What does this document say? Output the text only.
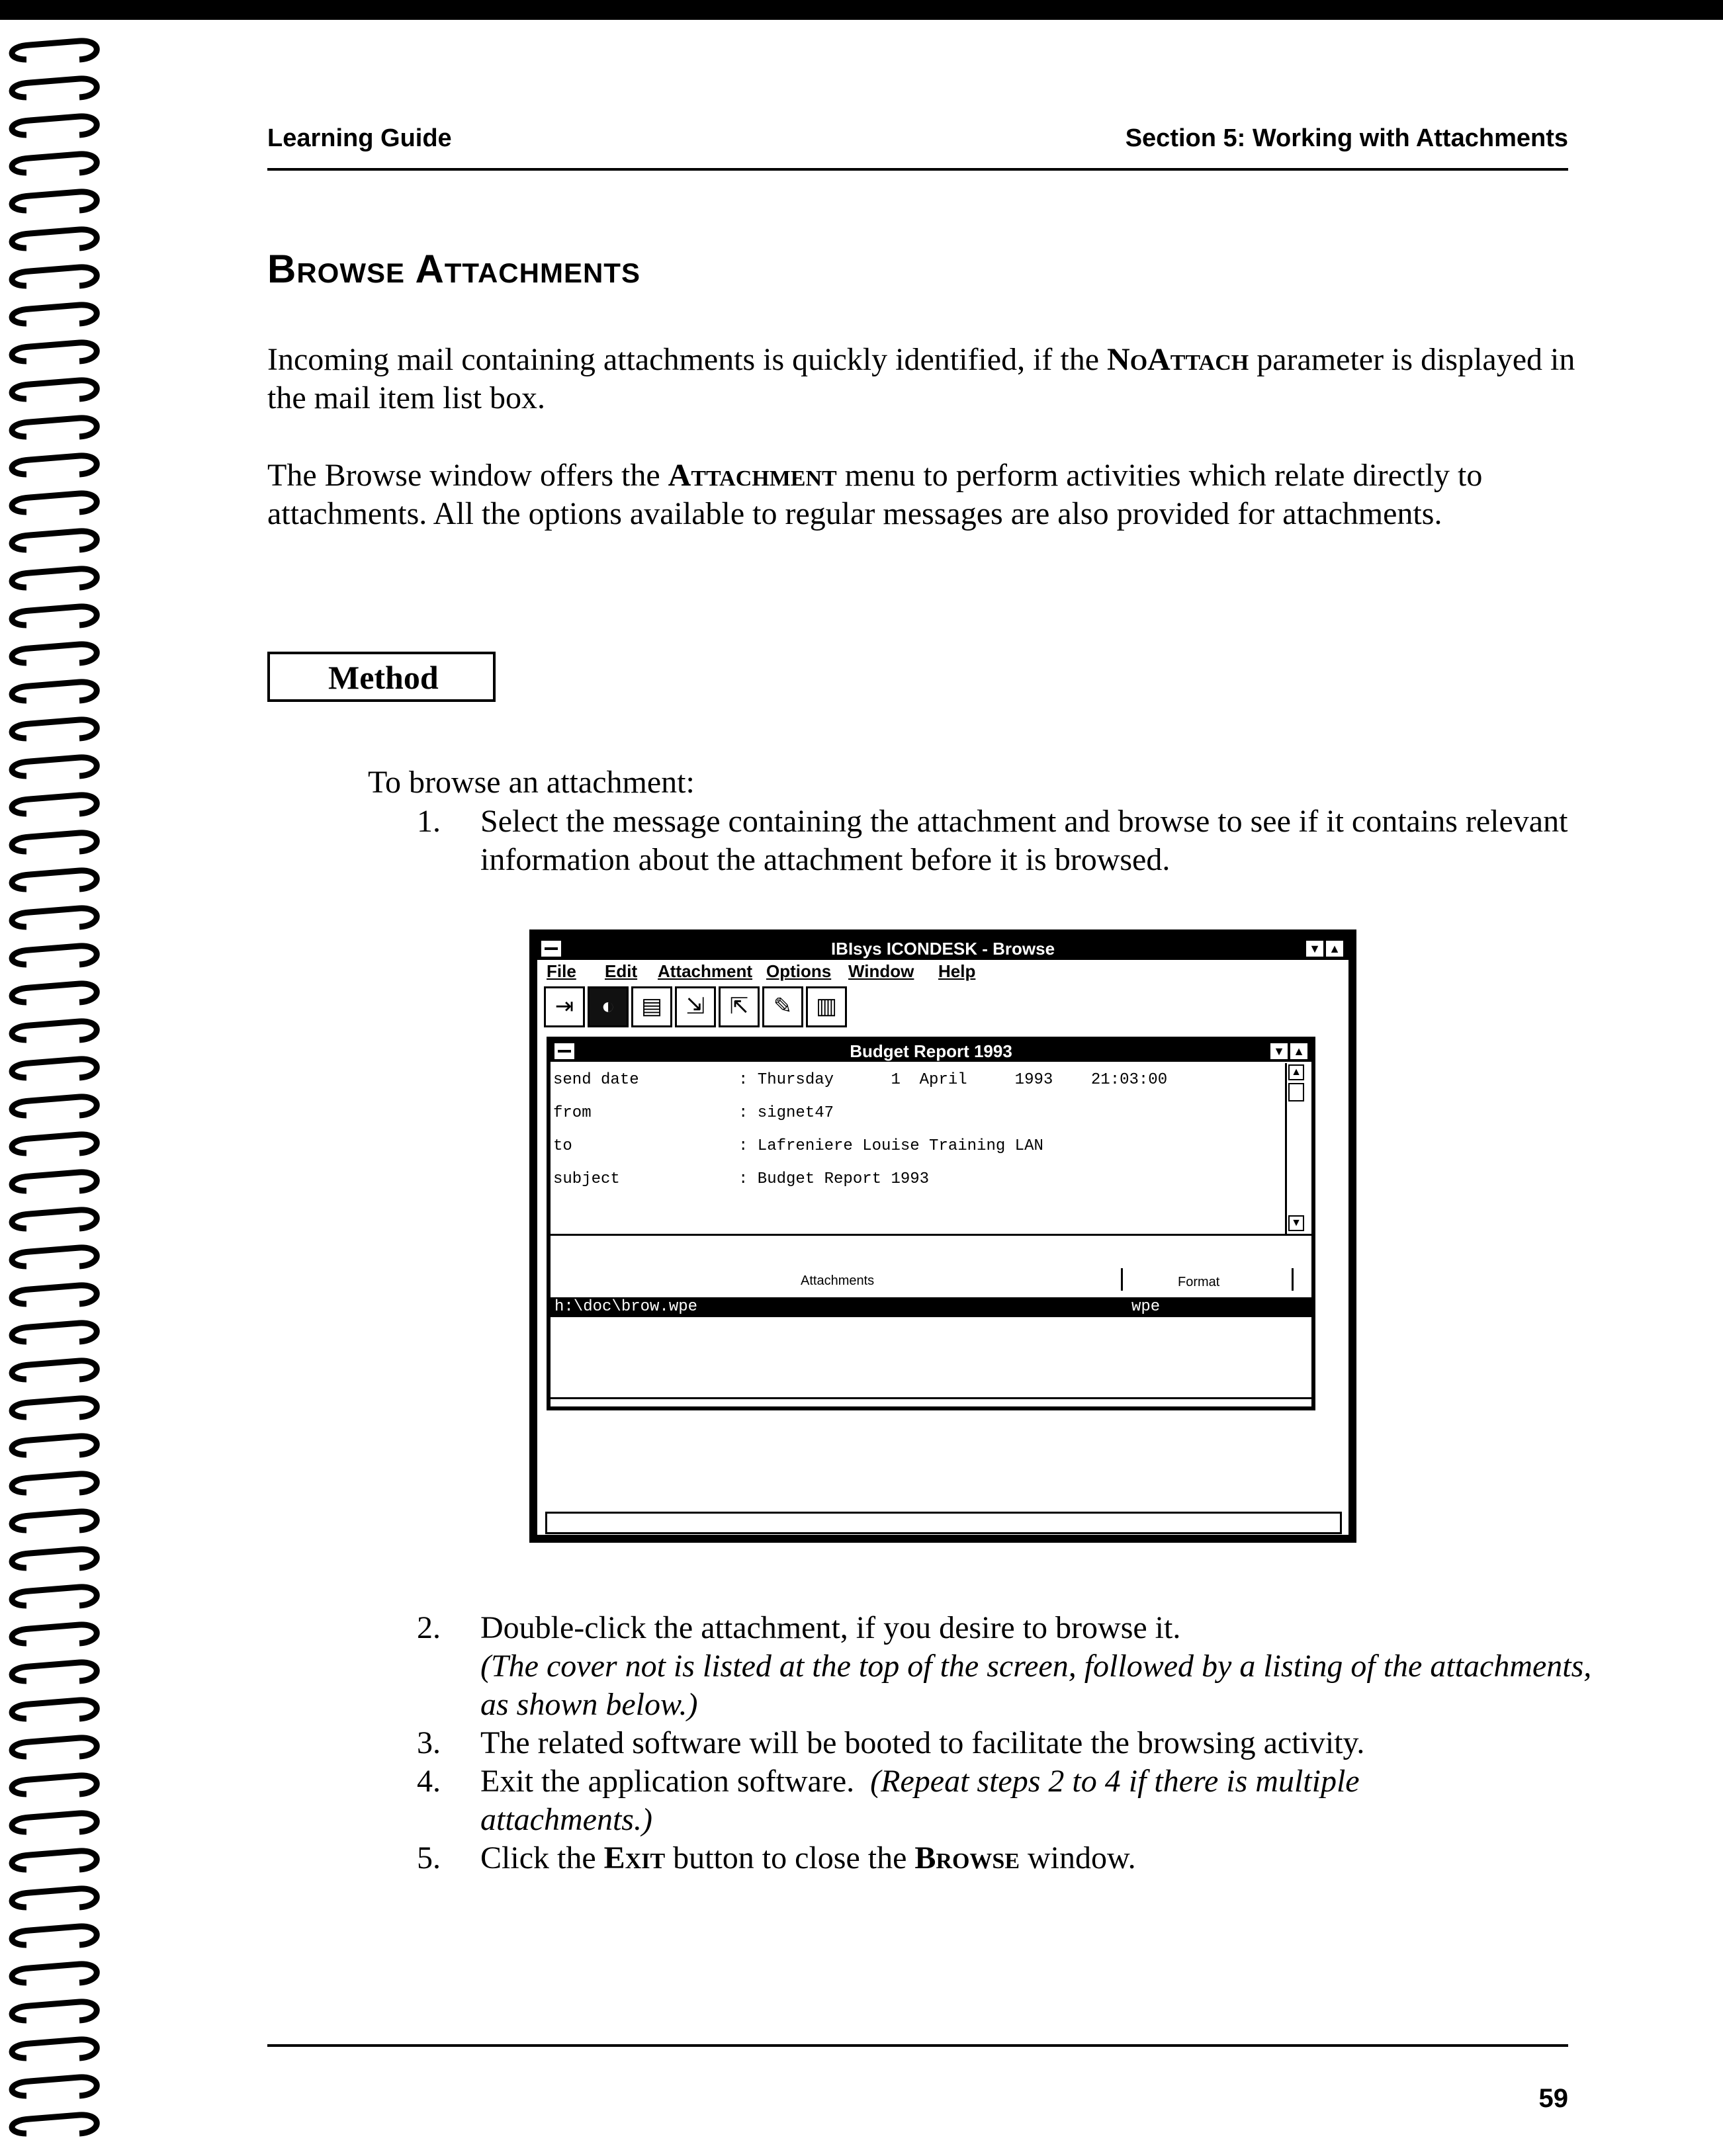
Learning Guide	Section 5: Working with Attachments
Browse Attachments
Incoming mail containing attachments is quickly identified, if the NoAttach parameter is displayed in the mail item list box.
The Browse window offers the Attachment menu to perform activities which relate directly to attachments. All the options available to regular messages are also provided for attachments.
Method
To browse an attachment:
1. Select the message containing the attachment and browse to see if it contains relevant information about the attachment before it is browsed.
IBIsys ICONDESK - Browse	▼ ▲
File Edit Attachment Options Window Help
⇥	◐	▤	⇲	⇱	✎	▥
Budget Report 1993	▼ ▲
send date	: Thursday      1  April     1993    21:03:00
from	: signet47
to	: Lafreniere Louise Training LAN
subject	: Budget Report 1993
▲
▼
Attachments	Format
h:\doc\brow.wpe	wpe
2. Double-click the attachment, if you desire to browse it.
(The cover not is listed at the top of the screen, followed by a listing of the attachments, as shown below.)
3. The related software will be booted to facilitate the browsing activity.
4. Exit the application software. (Repeat steps 2 to 4 if there is multiple attachments.)
5. Click the Exit button to close the Browse window.
59
